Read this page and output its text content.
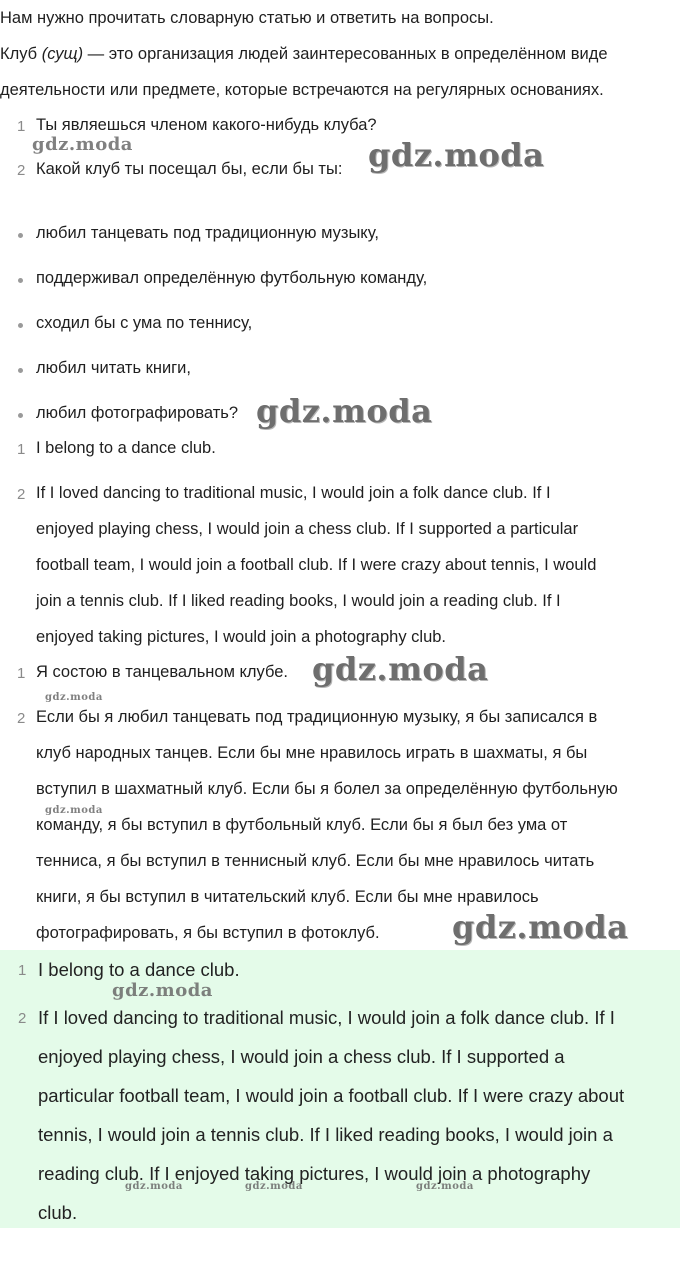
Нам нужно прочитать словарную статью и ответить на вопросы.
Клуб (сущ) — это организация людей заинтересованных в определённом виде
деятельности или предмете, которые встречаются на регулярных основаниях.
1 Ты являешься членом какого-нибудь клуба?
2 Какой клуб ты посещал бы, если бы ты:
любил танцевать под традиционную музыку,
поддерживал определённую футбольную команду,
сходил бы с ума по теннису,
любил читать книги,
любил фотографировать?
1 I belong to a dance club.
2 If I loved dancing to traditional music, I would join a folk dance club. If I
enjoyed playing chess, I would join a chess club. If I supported a particular
football team, I would join a football club. If I were crazy about tennis, I would
join a tennis club. If I liked reading books, I would join a reading club. If I
enjoyed taking pictures, I would join a photography club.
1 Я состою в танцевальном клубе.
2 Если бы я любил танцевать под традиционную музыку, я бы записался в
клуб народных танцев. Если бы мне нравилось играть в шахматы, я бы
вступил в шахматный клуб. Если бы я болел за определённую футбольную
команду, я бы вступил в футбольный клуб. Если бы я был без ума от
тенниса, я бы вступил в теннисный клуб. Если бы мне нравилось читать
книги, я бы вступил в читательский клуб. Если бы мне нравилось
фотографировать, я бы вступил в фотоклуб.
1 I belong to a dance club.
2 If I loved dancing to traditional music, I would join a folk dance club. If I
enjoyed playing chess, I would join a chess club. If I supported a
particular football team, I would join a football club. If I were crazy about
tennis, I would join a tennis club. If I liked reading books, I would join a
reading club. If I enjoyed taking pictures, I would join a photography
club.
gdz.moda	gdz.moda
gdz.moda
gdz.moda
gdz.moda
gdz.moda
gdz.moda
gdz.moda
gdz.moda	gdz.moda	gdz.moda
